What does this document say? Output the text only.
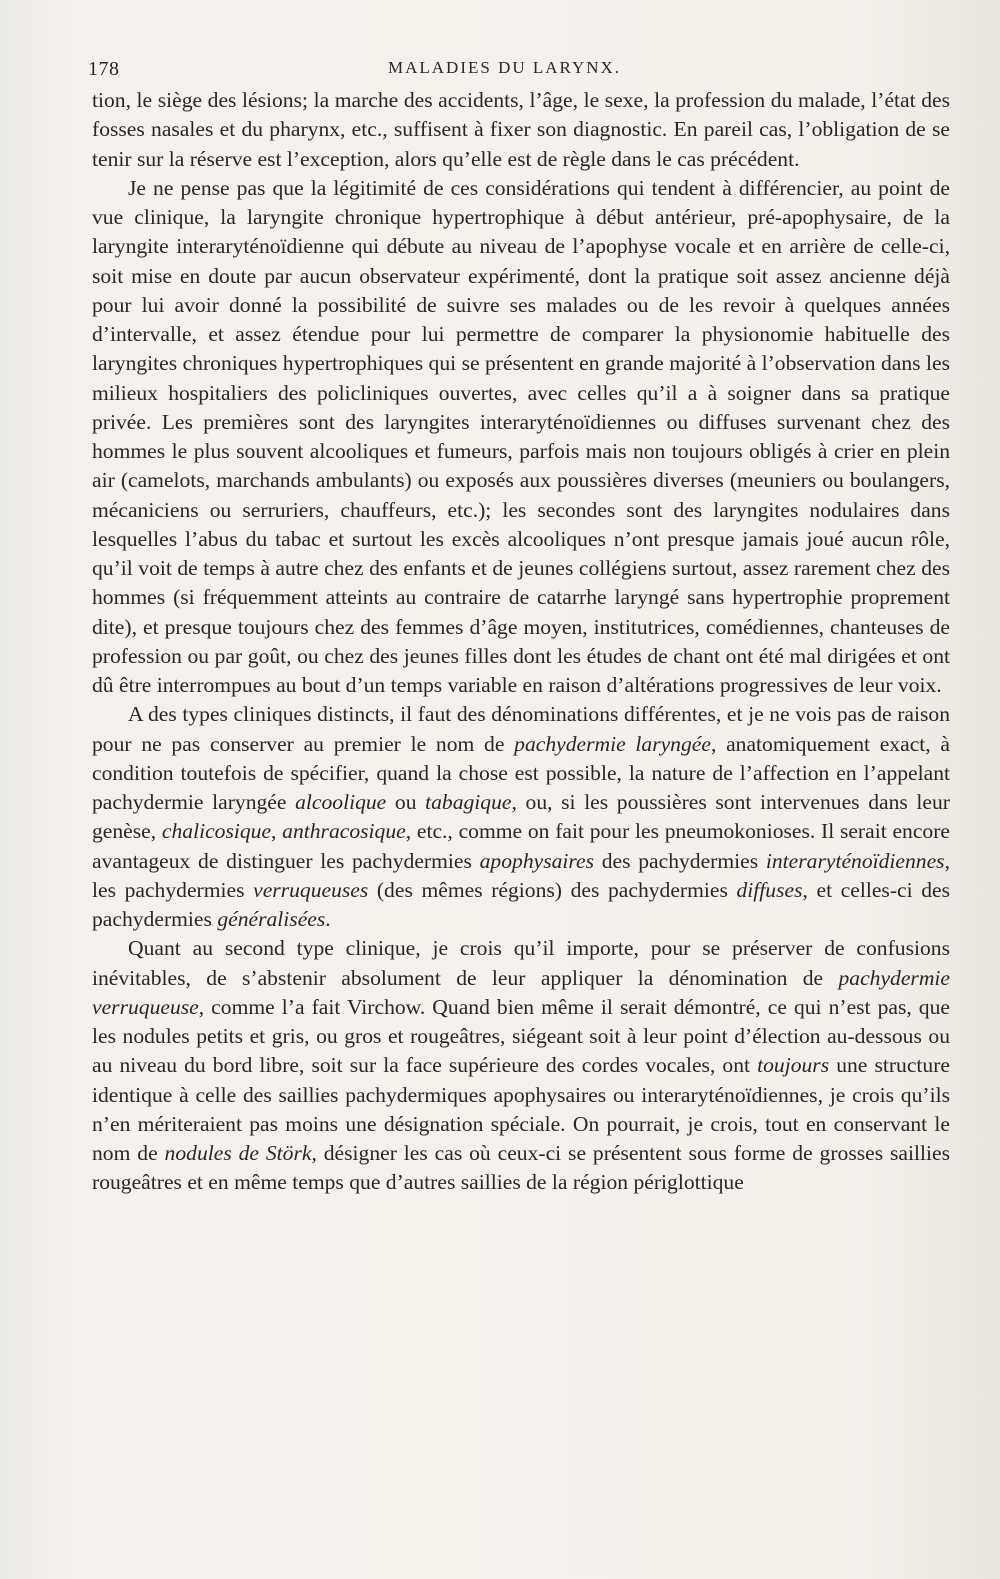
178	MALADIES DU LARYNX.

tion, le siège des lésions; la marche des accidents, l’âge, le sexe, la profession du malade, l’état des fosses nasales et du pharynx, etc., suffisent à fixer son diagnostic. En pareil cas, l’obligation de se tenir sur la réserve est l’exception, alors qu’elle est de règle dans le cas précédent.

Je ne pense pas que la légitimité de ces considérations qui tendent à différencier, au point de vue clinique, la laryngite chronique hypertrophique à début antérieur, pré-apophysaire, de la laryngite interaryténoïdienne qui débute au niveau de l’apophyse vocale et en arrière de celle-ci, soit mise en doute par aucun observateur expérimenté, dont la pratique soit assez ancienne déjà pour lui avoir donné la possibilité de suivre ses malades ou de les revoir à quelques années d’intervalle, et assez étendue pour lui permettre de comparer la physionomie habituelle des laryngites chroniques hypertrophiques qui se présentent en grande majorité à l’observation dans les milieux hospitaliers des policliniques ouvertes, avec celles qu’il a à soigner dans sa pratique privée. Les premières sont des laryngites interaryténoïdiennes ou diffuses survenant chez des hommes le plus souvent alcooliques et fumeurs, parfois mais non toujours obligés à crier en plein air (camelots, marchands ambulants) ou exposés aux poussières diverses (meuniers ou boulangers, mécaniciens ou serruriers, chauffeurs, etc.); les secondes sont des laryngites nodulaires dans lesquelles l’abus du tabac et surtout les excès alcooliques n’ont presque jamais joué aucun rôle, qu’il voit de temps à autre chez des enfants et de jeunes collégiens surtout, assez rarement chez des hommes (si fréquemment atteints au contraire de catarrhe laryngé sans hypertrophie proprement dite), et presque toujours chez des femmes d’âge moyen, institutrices, comédiennes, chanteuses de profession ou par goût, ou chez des jeunes filles dont les études de chant ont été mal dirigées et ont dû être interrompues au bout d’un temps variable en raison d’altérations progressives de leur voix.

A des types cliniques distincts, il faut des dénominations différentes, et je ne vois pas de raison pour ne pas conserver au premier le nom de pachydermie laryngée, anatomiquement exact, à condition toutefois de spécifier, quand la chose est possible, la nature de l’affection en l’appelant pachydermie laryngée alcoolique ou tabagique, ou, si les poussières sont intervenues dans leur genèse, chalicosique, anthracosique, etc., comme on fait pour les pneumokonioses. Il serait encore avantageux de distinguer les pachydermies apophysaires des pachydermies interaryténoïdiennes, les pachydermies verruqueuses (des mêmes régions) des pachydermies diffuses, et celles-ci des pachydermies généralisées.

Quant au second type clinique, je crois qu’il importe, pour se préserver de confusions inévitables, de s’abstenir absolument de leur appliquer la dénomination de pachydermie verruqueuse, comme l’a fait Virchow. Quand bien même il serait démontré, ce qui n’est pas, que les nodules petits et gris, ou gros et rougeâtres, siégeant soit à leur point d’élection au-dessous ou au niveau du bord libre, soit sur la face supérieure des cordes vocales, ont toujours une structure identique à celle des saillies pachydermiques apophysaires ou interaryténoïdiennes, je crois qu’ils n’en mériteraient pas moins une désignation spéciale. On pourrait, je crois, tout en conservant le nom de nodules de Störk, désigner les cas où ceux-ci se présentent sous forme de grosses saillies rougeâtres et en même temps que d’autres saillies de la région périglottique
